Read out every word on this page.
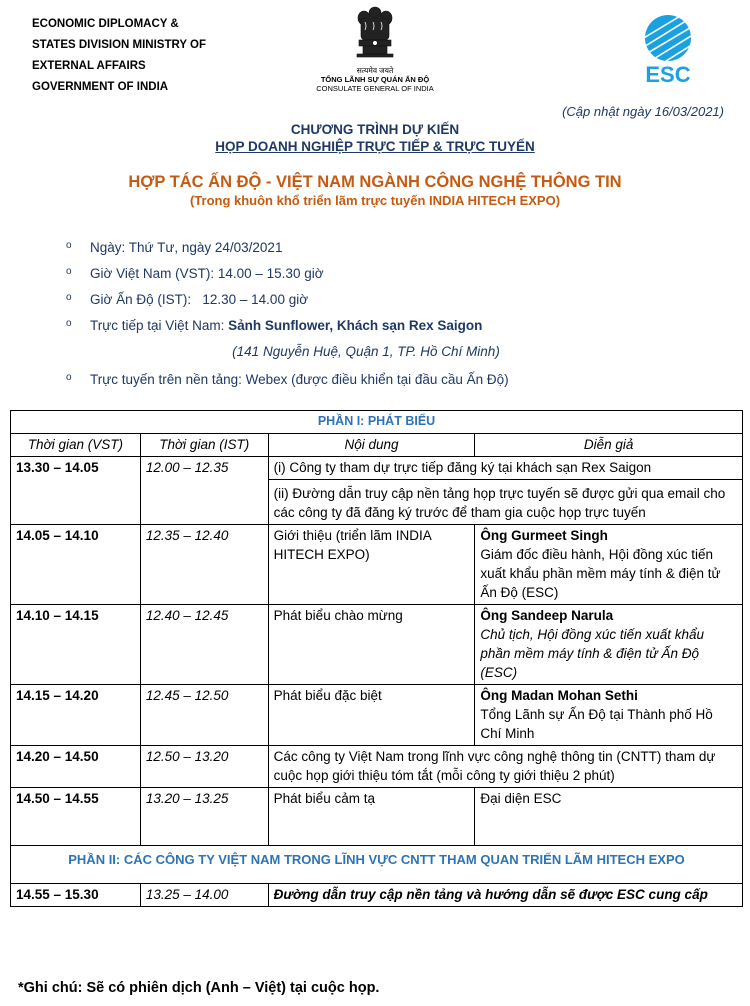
ECONOMIC DIPLOMACY &
STATES DIVISION MINISTRY OF
EXTERNAL AFFAIRS
GOVERNMENT OF INDIA
सत्यमेव जयते
TỔNG LÃNH SỰ QUÁN ẤN ĐỘ
CONSULATE GENERAL OF INDIA
ESC
(Cập nhật ngày 16/03/2021)
CHƯƠNG TRÌNH DỰ KIẾN
HỌP DOANH NGHIỆP TRỰC TIẾP & TRỰC TUYẾN
HỢP TÁC ẤN ĐỘ - VIỆT NAM NGÀNH CÔNG NGHỆ THÔNG TIN
(Trong khuôn khổ triển lãm trực tuyến INDIA HITECH EXPO)
o Ngày: Thứ Tư, ngày 24/03/2021
o Giờ Việt Nam (VST): 14.00 – 15.30 giờ
o Giờ Ấn Độ (IST):   12.30 – 14.00 giờ
o Trực tiếp tại Việt Nam: Sảnh Sunflower, Khách sạn Rex Saigon
(141 Nguyễn Huệ, Quận 1, TP. Hồ Chí Minh)
o Trực tuyến trên nền tảng: Webex (được điều khiển tại đầu cầu Ấn Độ)
PHẦN I: PHÁT BIỂU			
Thời gian (VST)	Thời gian (IST)	Nội dung	Diễn giả
13.30 – 14.05	12.00 – 12.35	(i) Công ty tham dự trực tiếp đăng ký tại khách sạn Rex Saigon	
		(ii) Đường dẫn truy cập nền tảng họp trực tuyến sẽ được gửi qua email cho các công ty đã đăng ký trước để tham gia cuộc họp trực tuyến	
14.05 – 14.10	12.35 – 12.40	Giới thiệu (triển lãm INDIA HITECH EXPO)	Ông Gurmeet Singh
Giám đốc điều hành, Hội đồng xúc tiến xuất khẩu phần mềm máy tính & điện tử Ấn Độ (ESC)

14.10 – 14.15	12.40 – 12.45	Phát biểu chào mừng	Ông Sandeep Narula
Chủ tịch, Hội đồng xúc tiến xuất khẩu phần mềm máy tính & điện tử Ấn Độ (ESC)

14.15 – 14.20	12.45 – 12.50	Phát biểu đặc biệt	Ông Madan Mohan Sethi
Tổng Lãnh sự Ấn Độ tại Thành phố Hồ Chí Minh

14.20 – 14.50	12.50 – 13.20	Các công ty Việt Nam trong lĩnh vực công nghệ thông tin (CNTT) tham dự cuộc họp giới thiệu tóm tắt (mỗi công ty giới thiệu 2 phút)	
14.50 – 14.55	13.20 – 13.25	Phát biểu cảm tạ	Đại diện ESC
PHẦN II: CÁC CÔNG TY VIỆT NAM TRONG LĨNH VỰC CNTT THAM QUAN TRIỂN LÃM HITECH EXPO			
14.55 – 15.30	13.25 – 14.00	Đường dẫn truy cập nền tảng và hướng dẫn sẽ được ESC cung cấp	
*Ghi chú: Sẽ có phiên dịch (Anh – Việt) tại cuộc họp.
